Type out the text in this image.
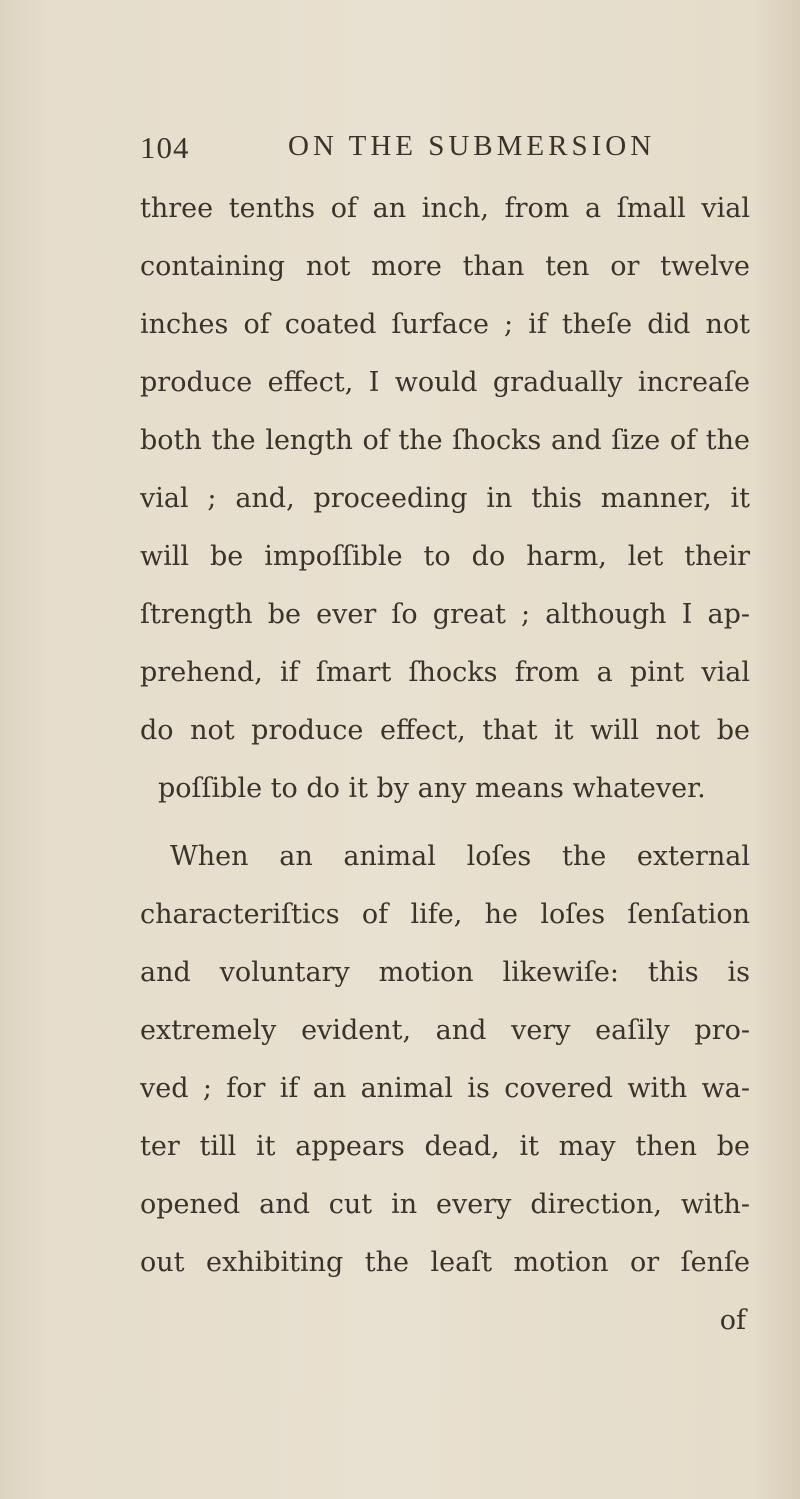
104	ON THE SUBMERSION
three tenths of an inch, from a ſmall vial
containing not more than ten or twelve
inches of coated ſurface ; if theſe did not
produce effect, I would gradually increaſe
both the length of the ſhocks and ſize of the
vial ; and, proceeding in this manner, it
will be impoſſible to do harm, let their
ſtrength be ever ſo great ; although I ap-
prehend, if ſmart ſhocks from a pint vial
do not produce effect, that it will not be
poſſible to do it by any means whatever.
When an animal loſes the external
characteriſtics of life, he loſes ſenſation
and voluntary motion likewiſe: this is
extremely evident, and very eaſily pro-
ved ; for if an animal is covered with wa-
ter till it appears dead, it may then be
opened and cut in every direction, with-
out exhibiting the leaſt motion or ſenſe
of
